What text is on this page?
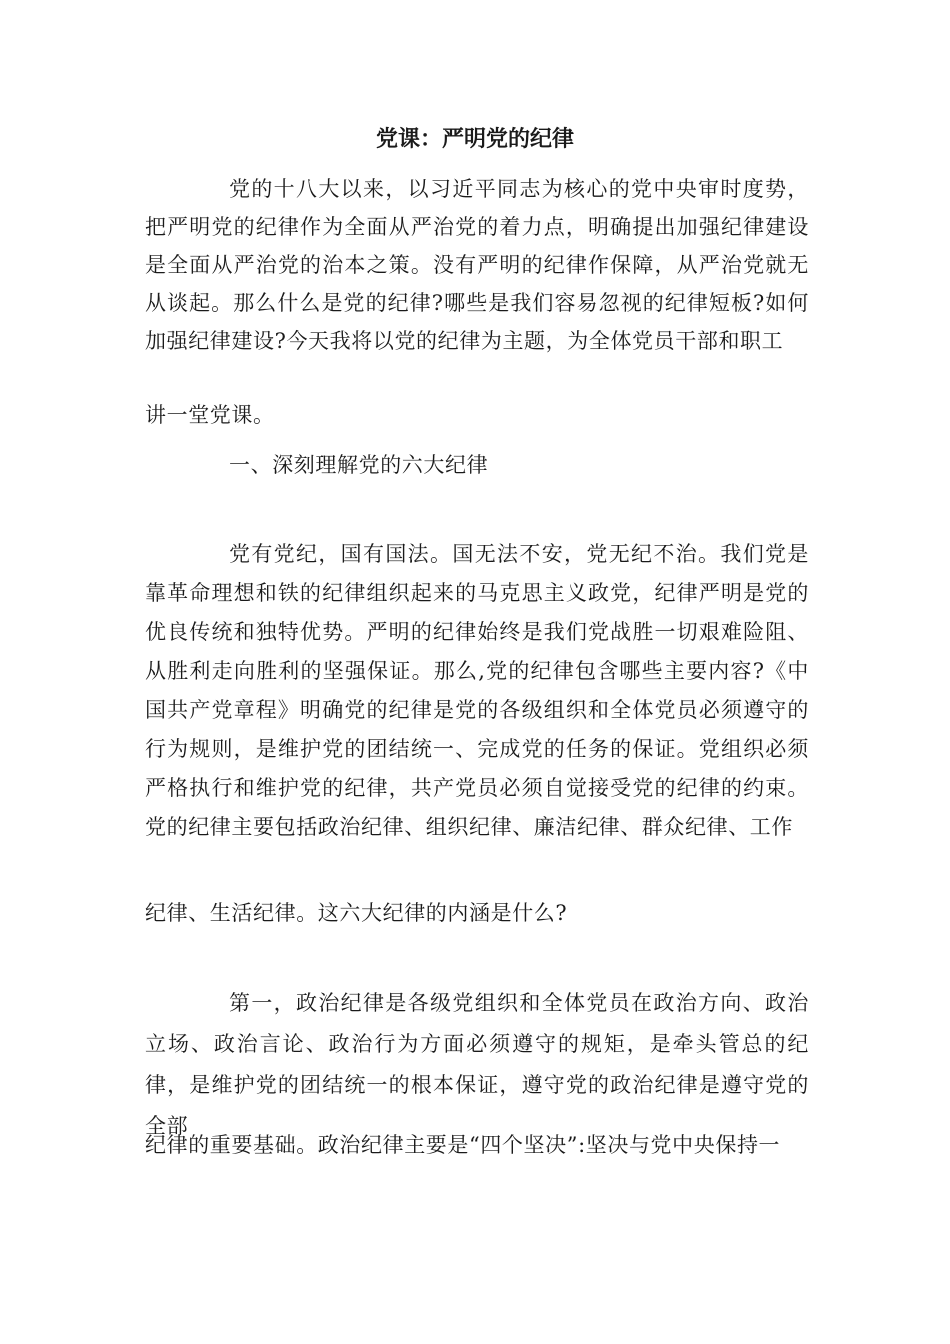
党课：严明党的纪律

党的十八大以来，以习近平同志为核心的党中央审时度势，把严明党的纪律作为全面从严治党的着力点，明确提出加强纪律建设是全面从严治党的治本之策。没有严明的纪律作保障，从严治党就无从谈起。那么什么是党的纪律?哪些是我们容易忽视的纪律短板?如何加强纪律建设?今天我将以党的纪律为主题，为全体党员干部和职工

讲一堂党课。

一、深刻理解党的六大纪律

党有党纪，国有国法。国无法不安，党无纪不治。我们党是靠革命理想和铁的纪律组织起来的马克思主义政党，纪律严明是党的优良传统和独特优势。严明的纪律始终是我们党战胜一切艰难险阻、从胜利走向胜利的坚强保证。那么,党的纪律包含哪些主要内容?《中国共产党章程》明确党的纪律是党的各级组织和全体党员必须遵守的行为规则，是维护党的团结统一、完成党的任务的保证。党组织必须严格执行和维护党的纪律，共产党员必须自觉接受党的纪律的约束。党的纪律主要包括政治纪律、组织纪律、廉洁纪律、群众纪律、工作

纪律、生活纪律。这六大纪律的内涵是什么?

第一，政治纪律是各级党组织和全体党员在政治方向、政治立场、政治言论、政治行为方面必须遵守的规矩，是牵头管总的纪律，是维护党的团结统一的根本保证，遵守党的政治纪律是遵守党的全部

纪律的重要基础。政治纪律主要是“四个坚决”:坚决与党中央保持一
